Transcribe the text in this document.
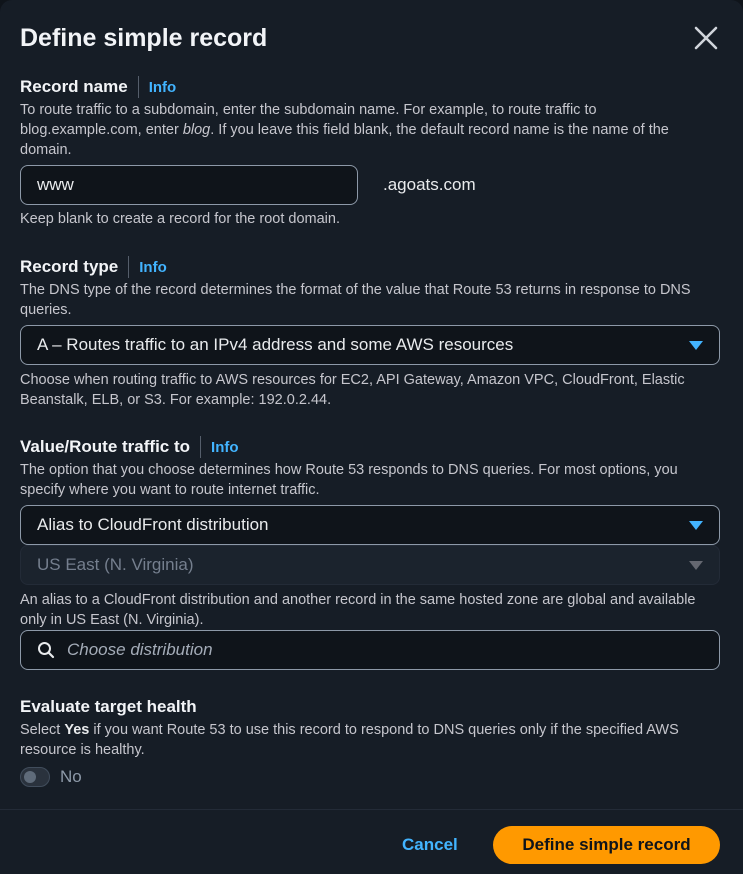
Define simple record
Record name Info
To route traffic to a subdomain, enter the subdomain name. For example, to route traffic to blog.example.com, enter blog. If you leave this field blank, the default record name is the name of the domain.
www	.agoats.com
Keep blank to create a record for the root domain.
Record type Info
The DNS type of the record determines the format of the value that Route 53 returns in response to DNS queries.
A – Routes traffic to an IPv4 address and some AWS resources
Choose when routing traffic to AWS resources for EC2, API Gateway, Amazon VPC, CloudFront, Elastic Beanstalk, ELB, or S3. For example: 192.0.2.44.
Value/Route traffic to Info
The option that you choose determines how Route 53 responds to DNS queries. For most options, you specify where you want to route internet traffic.
Alias to CloudFront distribution
US East (N. Virginia)
An alias to a CloudFront distribution and another record in the same hosted zone are global and available only in US East (N. Virginia).
Choose distribution
Evaluate target health
Select Yes if you want Route 53 to use this record to respond to DNS queries only if the specified AWS resource is healthy.
No
Cancel	Define simple record
